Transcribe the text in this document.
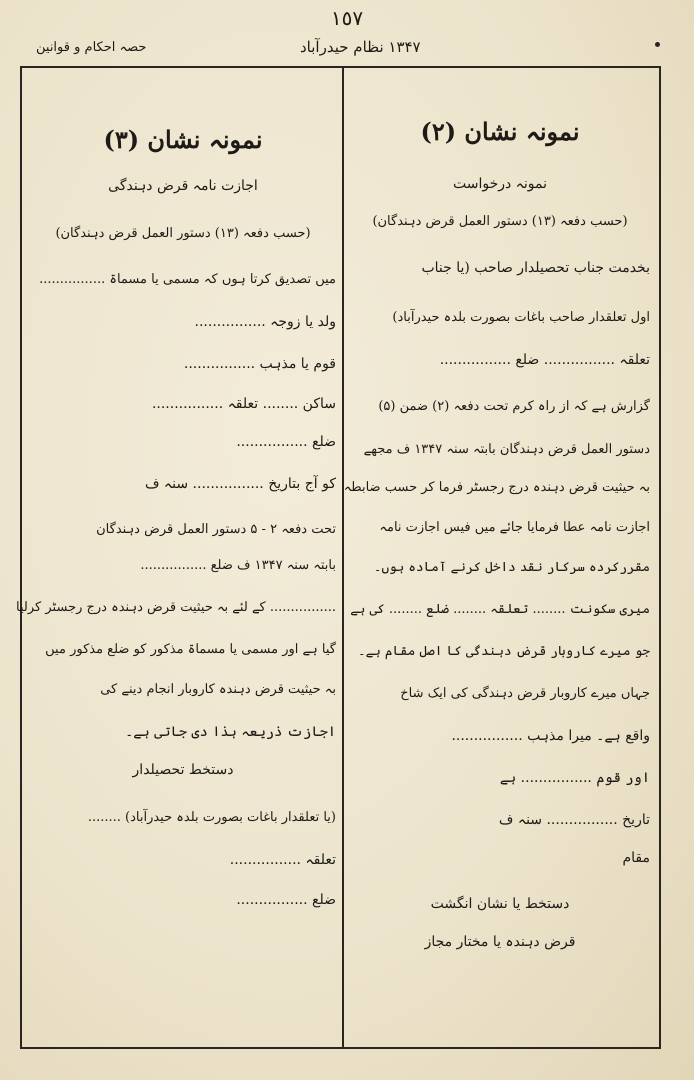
١٥٧
۱۳۴۷ نظام حیدرآباد
حصہ احکام و قوانین
نمونہ نشان (۲)
نمونہ درخواست
(حسب دفعہ (۱۳) دستور العمل قرض دہندگان)
بخدمت جناب تحصیلدار صاحب (یا جناب
اول تعلقدار صاحب باغات بصورت بلدہ حیدرآباد)
تعلقہ ................ ضلع ................
گزارش ہے کہ از راہ کرم تحت دفعہ (۲) ضمن (۵)
دستور العمل قرض دہندگان بابتہ سنہ ۱۳۴۷ ف مجھے
بہ حیثیت قرض دہندہ درج رجسٹر فرما کر حسب ضابطہ
اجازت نامہ عطا فرمایا جائے میں فیس اجازت نامہ
مقررکردہ سرکار نقد داخل کرنے آمادہ ہوں۔
میری سکونت ........ تعلقہ ........ ضلع ........ کی ہے
جو میرے کاروبار قرض دہندگی کا اصل مقام ہے۔
جہاں میرے کاروبار قرض دہندگی کی ایک شاخ
واقع ہے۔ میرا مذہب ................
اور قوم ................ ہے
تاریخ ................ سنہ ف
مقام
دستخط یا نشان انگشت
قرض دہندہ یا مختار مجاز
نمونہ نشان (۳)
اجازت نامہ قرض دہندگی
(حسب دفعہ (۱۳) دستور العمل قرض دہندگان)
میں تصدیق کرتا ہوں کہ مسمی یا مسماۃ ................
ولد یا زوجہ ................
قوم یا مذہب ................
ساکن ........ تعلقہ ................
ضلع ................
کو آج بتاریخ ................ سنہ ف
تحت دفعہ ۲ - ۵ دستور العمل قرض دہندگان
بابتہ سنہ ۱۳۴۷ ف ضلع ................
................ کے لئے بہ حیثیت قرض دہندہ درج رجسٹر کرلیا
گیا ہے اور مسمی یا مسماۃ مذکور کو ضلع مذکور میں
بہ حیثیت قرض دہندہ کاروبار انجام دینے کی
اجازت ذریعہ ہذا دی جاتی ہے۔
دستخط تحصیلدار
(یا تعلقدار باغات بصورت بلدہ حیدرآباد) ........
تعلقہ ................
ضلع ................
